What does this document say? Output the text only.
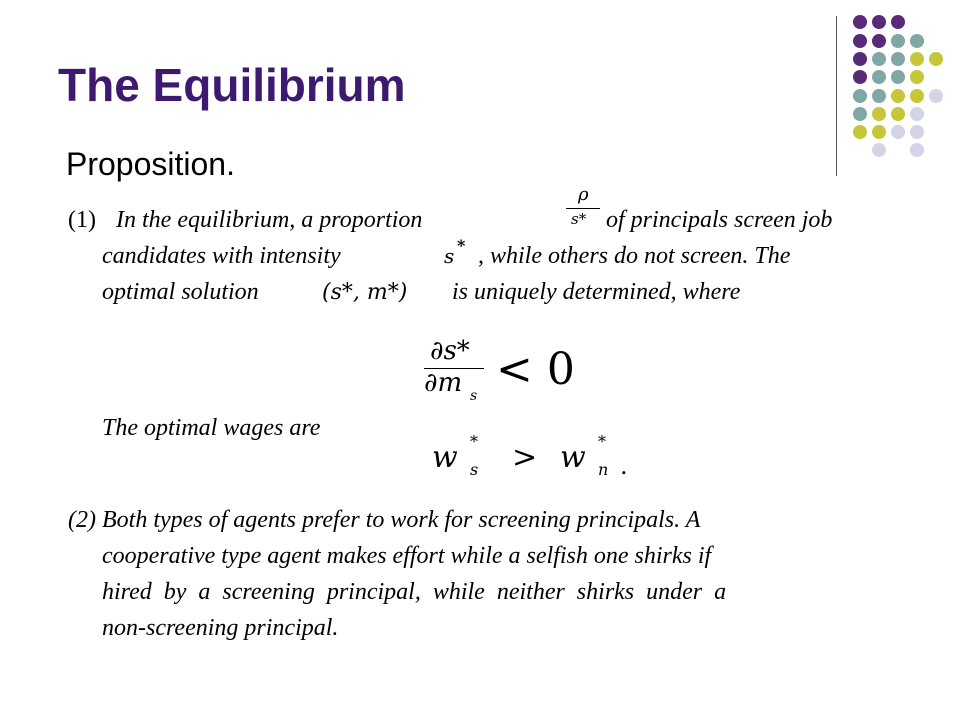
The Equilibrium
Proposition.
(1) In the equilibrium, a proportion	of principals screen job
candidates with intensity	, while others do not screen. The
optimal solution	is uniquely determined, where
ρ
s*
s *
(s*, m*)
∂s*
∂m s
< 0
The optimal wages are
w *
s > w *
n .
(2) Both types of agents prefer to work for screening principals. A
cooperative type agent makes effort while a selfish one shirks if
hired by a screening principal, while neither shirks under a
non-screening principal.
